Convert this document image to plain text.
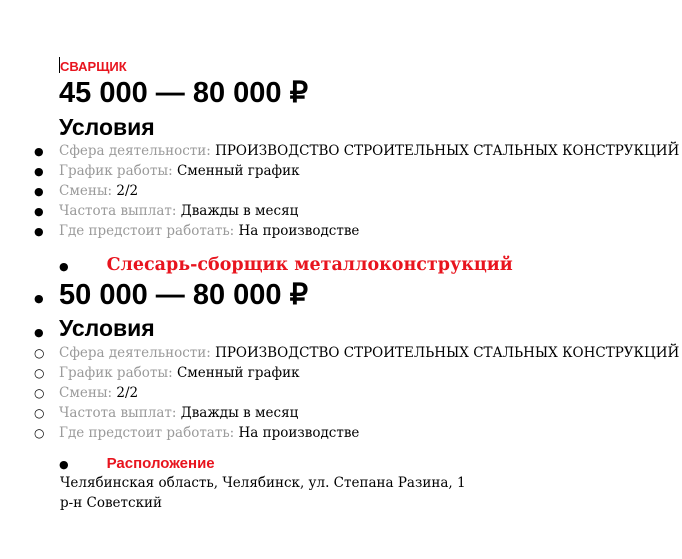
СВАРЩИК
45 000 — 80 000 ₽
Условия
● Сфера деятельности: ПРОИЗВОДСТВО СТРОИТЕЛЬНЫХ СТАЛЬНЫХ КОНСТРУКЦИЙ
● График работы: Сменный график
● Смены: 2/2
● Частота выплат: Дважды в месяц
● Где предстоит работать: На производстве
● Слесарь-сборщик металлоконструкций
● 50 000 — 80 000 ₽
● Условия
○ Сфера деятельности: ПРОИЗВОДСТВО СТРОИТЕЛЬНЫХ СТАЛЬНЫХ КОНСТРУКЦИЙ
○ График работы: Сменный график
○ Смены: 2/2
○ Частота выплат: Дважды в месяц
○ Где предстоит работать: На производстве
●	Расположение
Челябинская область, Челябинск, ул. Степана Разина, 1
р-н Советский
